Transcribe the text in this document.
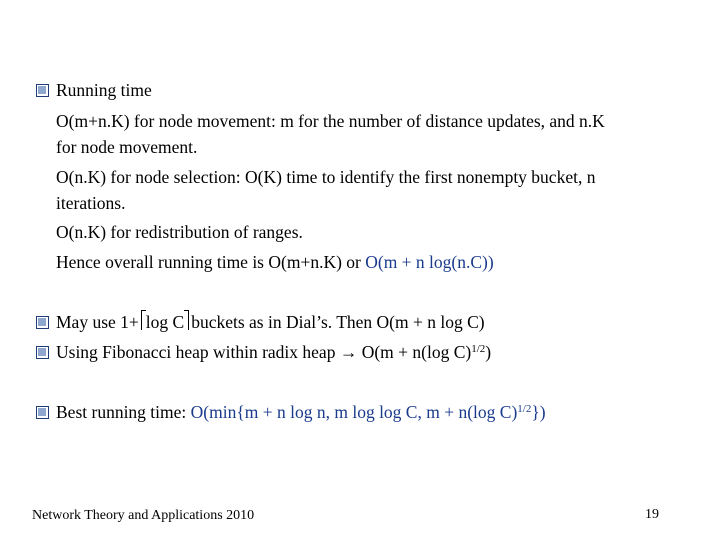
Running time
O(m+n.K) for node movement: m for the number of distance updates, and n.K
for node movement.
O(n.K) for node selection: O(K) time to identify the first nonempty bucket, n
iterations.
O(n.K) for redistribution of ranges.
Hence overall running time is O(m+n.K) or O(m + n log(n.C))
May use 1+ log C buckets as in Dial’s. Then O(m + n log C)
Using Fibonacci heap within radix heap → O(m + n(log C)$^{1/2}$)
Best running time: O(min{m + n log n, m log log C, m + n(log C)$^{1/2}$})
Network Theory and Applications 2010	19
